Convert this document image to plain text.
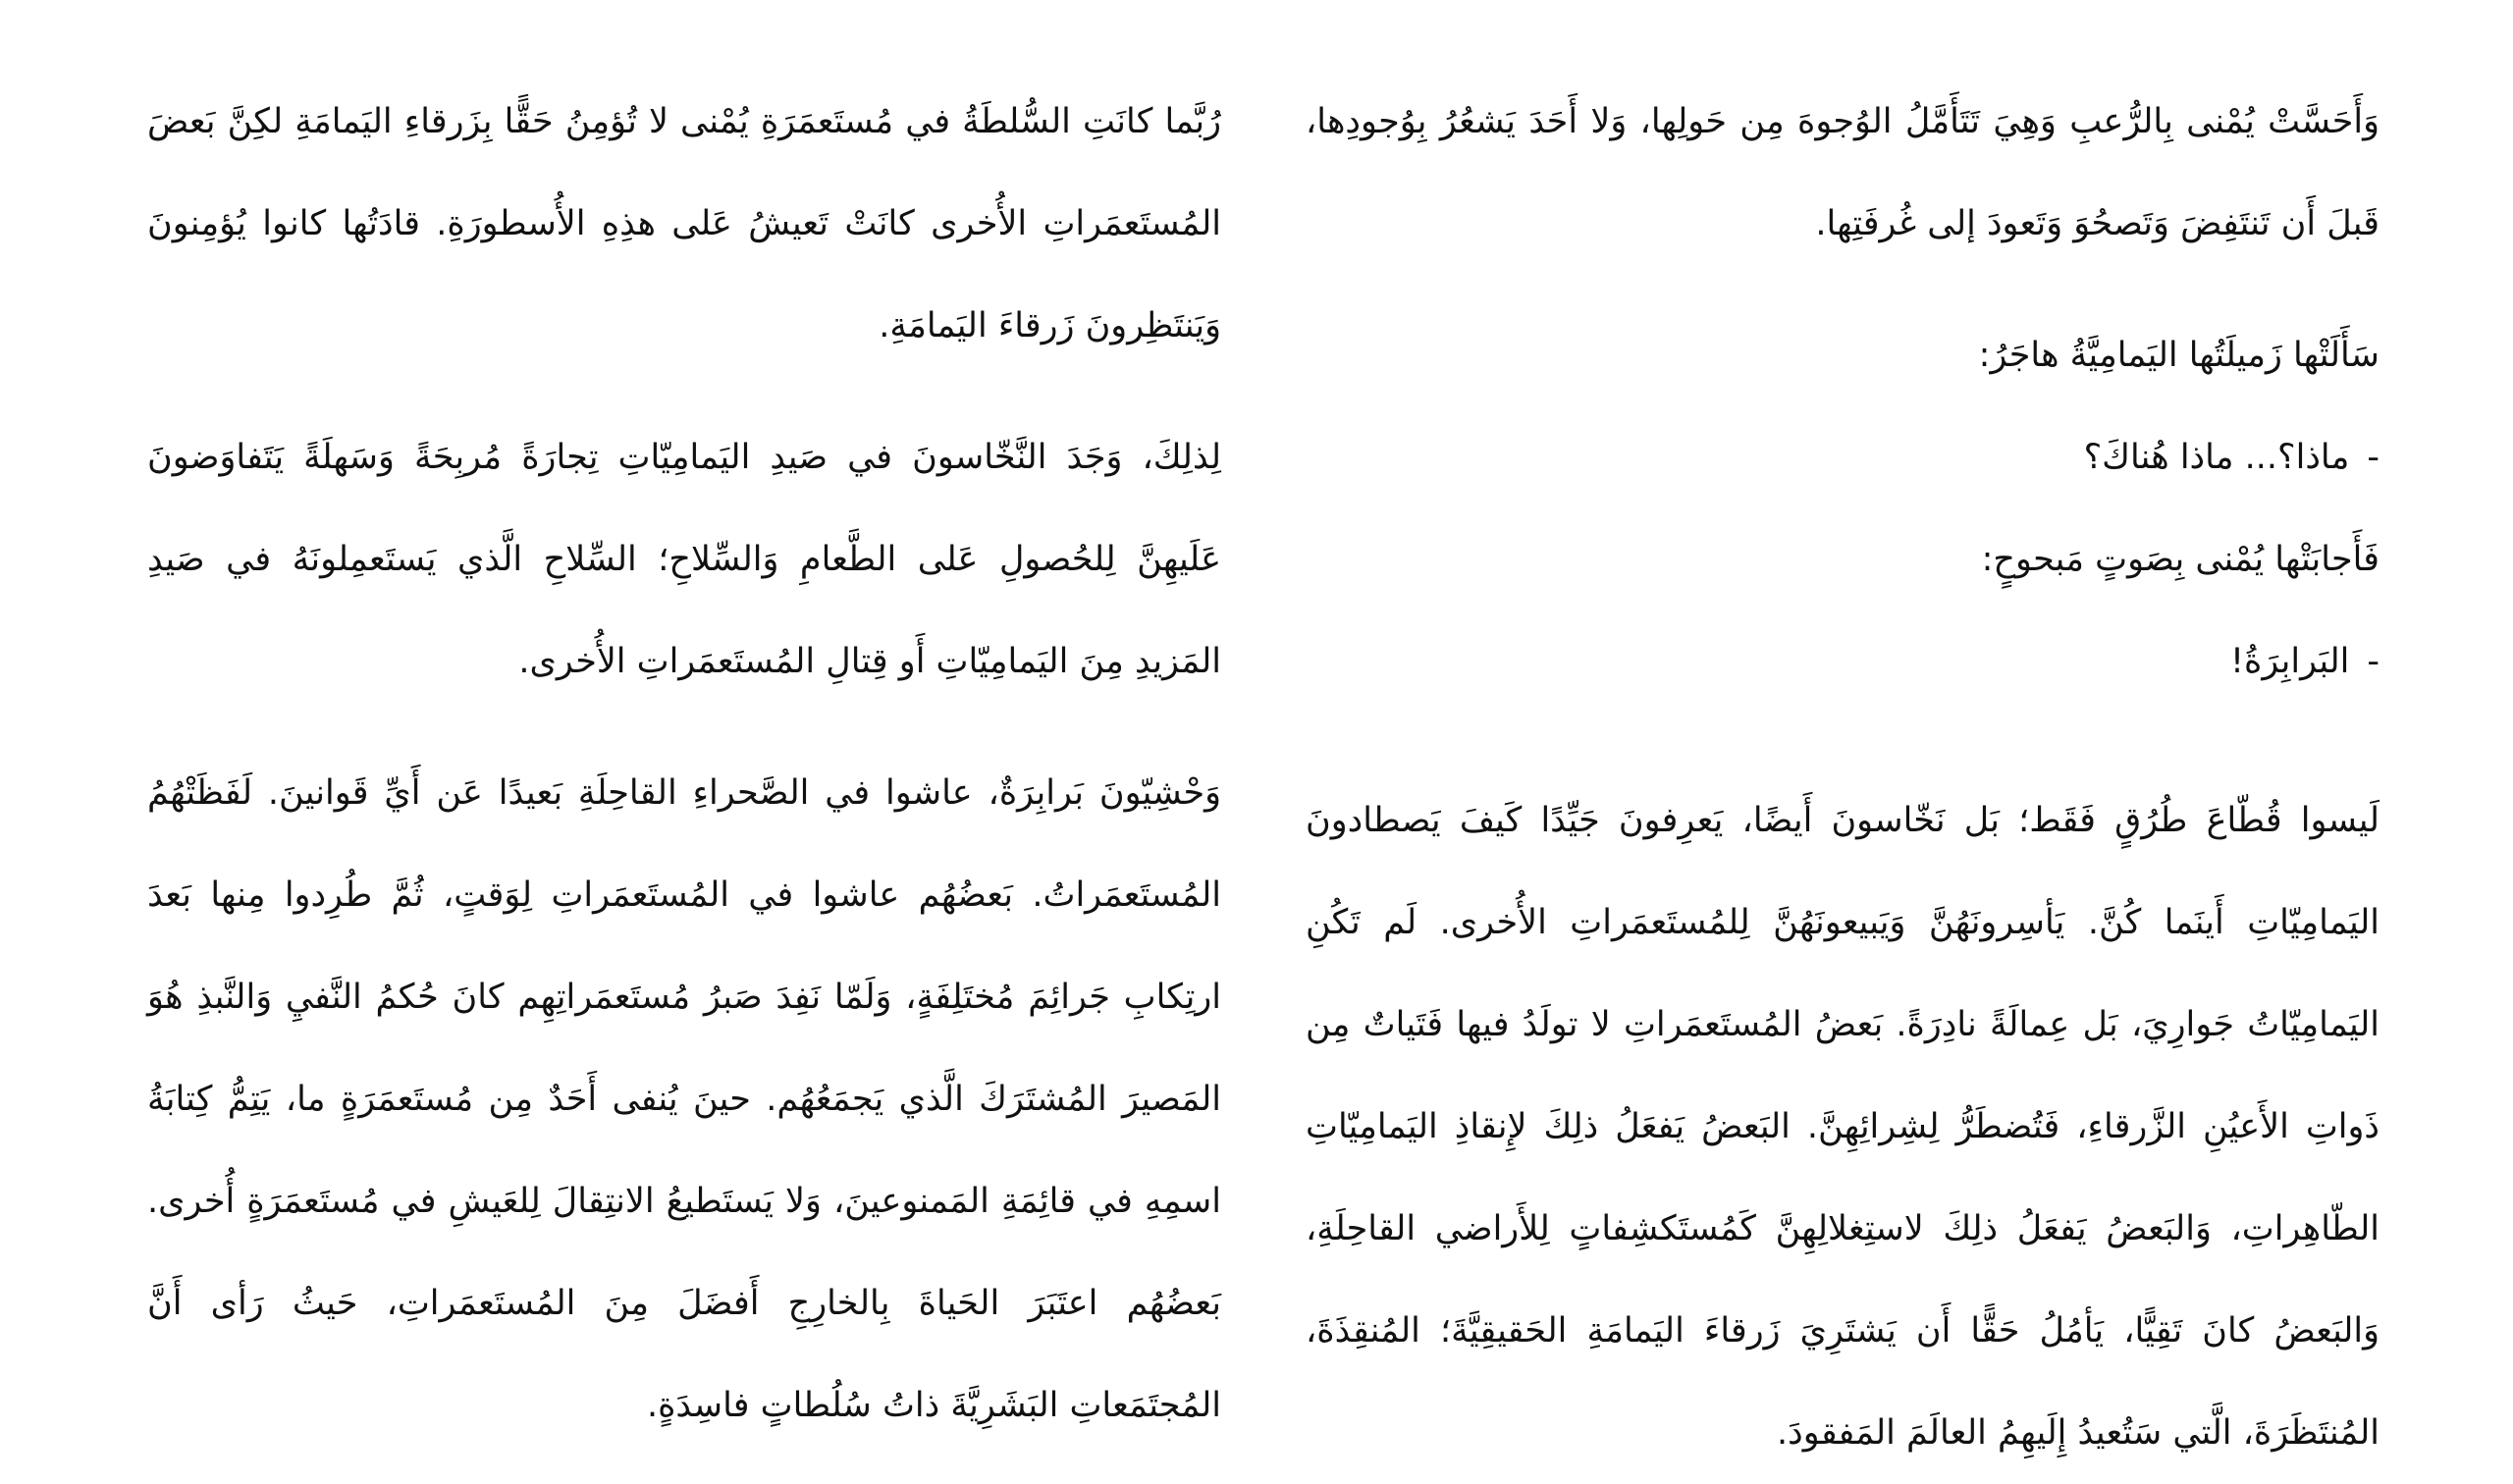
رُبَّما كانَتِ السُّلطَةُ في مُستَعمَرَةِ يُمْنى لا تُؤمِنُ حَقًّا بِزَرقاءِ اليَمامَةِ لكِنَّ بَعضَ المُستَعمَراتِ الأُخرى كانَتْ تَعيشُ عَلى هذِهِ الأُسطورَةِ. قادَتُها كانوا يُؤمِنونَ وَيَنتَظِرونَ زَرقاءَ اليَمامَةِ.

لِذلِكَ، وَجَدَ النَّخّاسونَ في صَيدِ اليَمامِيّاتِ تِجارَةً مُربِحَةً وَسَهلَةً يَتَفاوَضونَ عَلَيهِنَّ لِلحُصولِ عَلى الطَّعامِ وَالسِّلاحِ؛ السِّلاحِ الَّذي يَستَعمِلونَهُ في صَيدِ المَزيدِ مِنَ اليَمامِيّاتِ أَو قِتالِ المُستَعمَراتِ الأُخرى.

وَحْشِيّونَ بَرابِرَةٌ، عاشوا في الصَّحراءِ القاحِلَةِ بَعيدًا عَن أَيِّ قَوانينَ. لَفَظَتْهُمُ المُستَعمَراتُ. بَعضُهُم عاشوا في المُستَعمَراتِ لِوَقتٍ، ثُمَّ طُرِدوا مِنها بَعدَ ارتِكابِ جَرائِمَ مُختَلِفَةٍ، وَلَمّا نَفِدَ صَبرُ مُستَعمَراتِهِم كانَ حُكمُ النَّفيِ وَالنَّبذِ هُوَ المَصيرَ المُشتَرَكَ الَّذي يَجمَعُهُم. حينَ يُنفى أَحَدٌ مِن مُستَعمَرَةٍ ما، يَتِمُّ كِتابَةُ اسمِهِ في قائِمَةِ المَمنوعينَ، وَلا يَستَطيعُ الانتِقالَ لِلعَيشِ في مُستَعمَرَةٍ أُخرى. بَعضُهُم اعتَبَرَ الحَياةَ بِالخارِجِ أَفضَلَ مِنَ المُستَعمَراتِ، حَيثُ رَأى أَنَّ المُجتَمَعاتِ البَشَرِيَّةَ ذاتُ سُلُطاتٍ فاسِدَةٍ.

وَأَحَسَّتْ يُمْنى بِالرُّعبِ وَهِيَ تَتَأَمَّلُ الوُجوهَ مِن حَولِها، وَلا أَحَدَ يَشعُرُ بِوُجودِها، قَبلَ أَن تَنتَفِضَ وَتَصحُوَ وَتَعودَ إلى غُرفَتِها.

سَأَلَتْها زَميلَتُها اليَمامِيَّةُ هاجَرُ:

-ماذا؟... ماذا هُناكَ؟

فَأَجابَتْها يُمْنى بِصَوتٍ مَبحوحٍ:

-البَرابِرَةُ!

لَيسوا قُطّاعَ طُرُقٍ فَقَط؛ بَل نَخّاسونَ أَيضًا، يَعرِفونَ جَيِّدًا كَيفَ يَصطادونَ اليَمامِيّاتِ أَينَما كُنَّ. يَأسِرونَهُنَّ وَيَبيعونَهُنَّ لِلمُستَعمَراتِ الأُخرى. لَم تَكُنِ اليَمامِيّاتُ جَوارِيَ، بَل عِمالَةً نادِرَةً. بَعضُ المُستَعمَراتِ لا تولَدُ فيها فَتَياتٌ مِن ذَواتِ الأَعيُنِ الزَّرقاءِ، فَتُضطَرُّ لِشِرائِهِنَّ. البَعضُ يَفعَلُ ذلِكَ لإِنقاذِ اليَمامِيّاتِ الطّاهِراتِ، وَالبَعضُ يَفعَلُ ذلِكَ لاستِغلالِهِنَّ كَمُستَكشِفاتٍ لِلأَراضي القاحِلَةِ، وَالبَعضُ كانَ تَقِيًّا، يَأمُلُ حَقًّا أَن يَشتَرِيَ زَرقاءَ اليَمامَةِ الحَقيقِيَّةَ؛ المُنقِذَةَ، المُنتَظَرَةَ، الَّتي سَتُعيدُ إِلَيهِمُ العالَمَ المَفقودَ.
